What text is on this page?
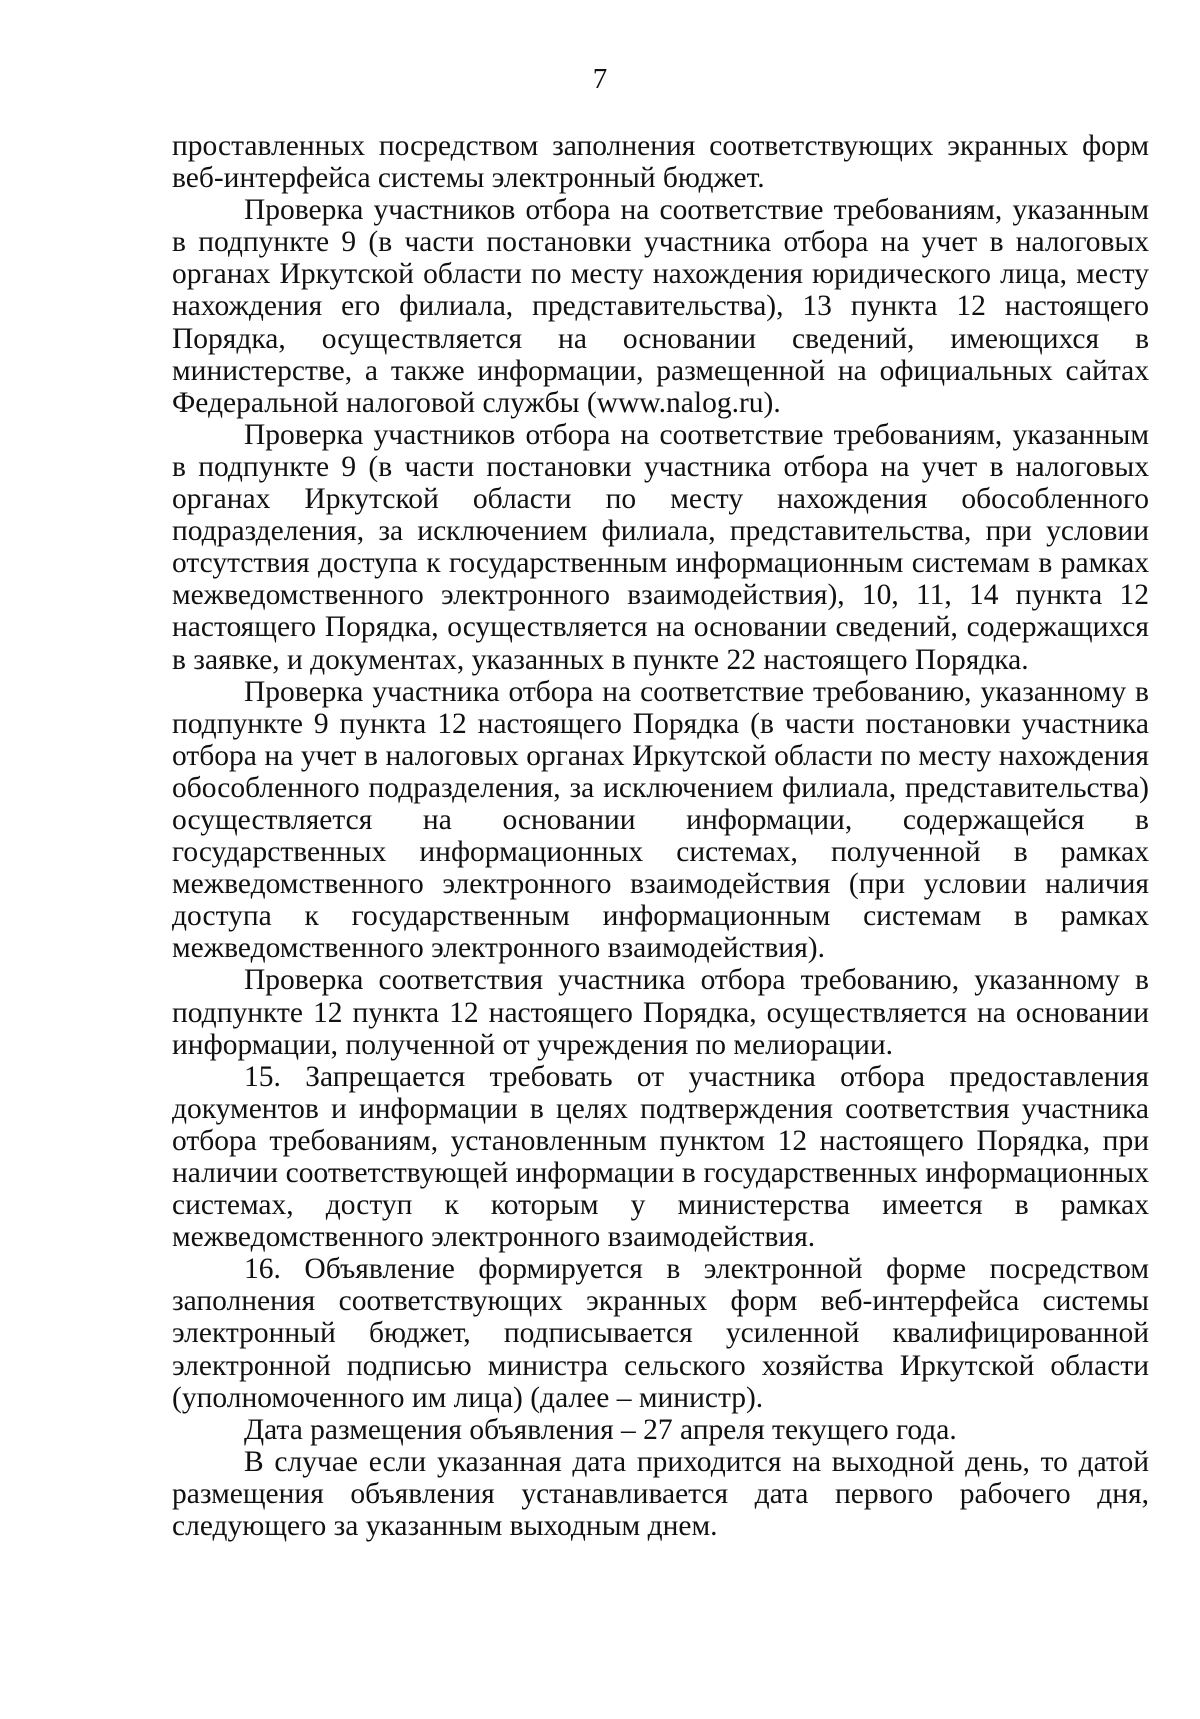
7

проставленных посредством заполнения соответствующих экранных форм веб-интерфейса системы электронный бюджет.

Проверка участников отбора на соответствие требованиям, указанным в подпункте 9 (в части постановки участника отбора на учет в налоговых органах Иркутской области по месту нахождения юридического лица, месту нахождения его филиала, представительства), 13 пункта 12 настоящего Порядка, осуществляется на основании сведений, имеющихся в министерстве, а также информации, размещенной на официальных сайтах Федеральной налоговой службы (www.nalog.ru).

Проверка участников отбора на соответствие требованиям, указанным в подпункте 9 (в части постановки участника отбора на учет в налоговых органах Иркутской области по месту нахождения обособленного подразделения, за исключением филиала, представительства, при условии отсутствия доступа к государственным информационным системам в рамках межведомственного электронного взаимодействия), 10, 11, 14 пункта 12 настоящего Порядка, осуществляется на основании сведений, содержащихся в заявке, и документах, указанных в пункте 22 настоящего Порядка.

Проверка участника отбора на соответствие требованию, указанному в подпункте 9 пункта 12 настоящего Порядка (в части постановки участника отбора на учет в налоговых органах Иркутской области по месту нахождения обособленного подразделения, за исключением филиала, представительства) осуществляется на основании информации, содержащейся в государственных информационных системах, полученной в рамках межведомственного электронного взаимодействия (при условии наличия доступа к государственным информационным системам в рамках межведомственного электронного взаимодействия).

Проверка соответствия участника отбора требованию, указанному в подпункте 12 пункта 12 настоящего Порядка, осуществляется на основании информации, полученной от учреждения по мелиорации.

15. Запрещается требовать от участника отбора предоставления документов и информации в целях подтверждения соответствия участника отбора требованиям, установленным пунктом 12 настоящего Порядка, при наличии соответствующей информации в государственных информационных системах, доступ к которым у министерства имеется в рамках межведомственного электронного взаимодействия.

16. Объявление формируется в электронной форме посредством заполнения соответствующих экранных форм веб-интерфейса системы электронный бюджет, подписывается усиленной квалифицированной электронной подписью министра сельского хозяйства Иркутской области (уполномоченного им лица) (далее – министр).

Дата размещения объявления – 27 апреля текущего года.

В случае если указанная дата приходится на выходной день, то датой размещения объявления устанавливается дата первого рабочего дня, следующего за указанным выходным днем.
